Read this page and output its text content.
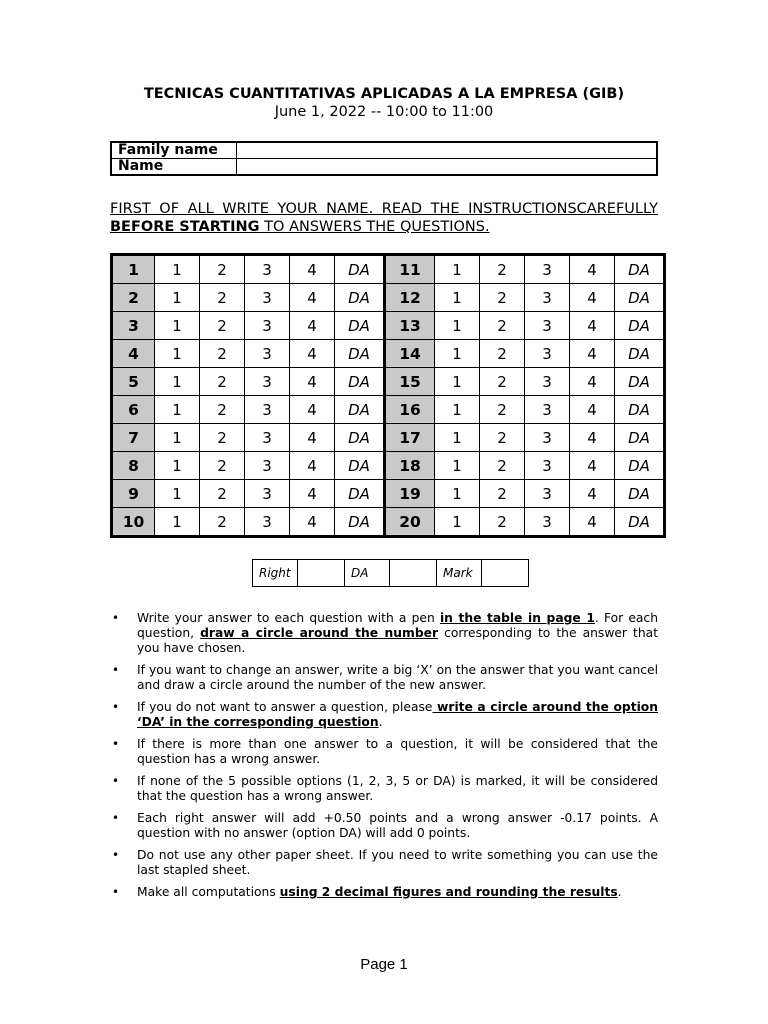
TECNICAS CUANTITATIVAS APLICADAS A LA EMPRESA (GIB)
June 1, 2022 -- 10:00 to 11:00
Family name	
Name	
FIRST OF ALL WRITE YOUR NAME. READ THE INSTRUCTIONSCAREFULLY BEFORE STARTING TO ANSWERS THE QUESTIONS.
1	1	2	3	4	DA	11	1	2	3	4	DA
2	1	2	3	4	DA	12	1	2	3	4	DA
3	1	2	3	4	DA	13	1	2	3	4	DA
4	1	2	3	4	DA	14	1	2	3	4	DA
5	1	2	3	4	DA	15	1	2	3	4	DA
6	1	2	3	4	DA	16	1	2	3	4	DA
7	1	2	3	4	DA	17	1	2	3	4	DA
8	1	2	3	4	DA	18	1	2	3	4	DA
9	1	2	3	4	DA	19	1	2	3	4	DA
10	1	2	3	4	DA	20	1	2	3	4	DA
Right		DA		Mark	
• Write your answer to each question with a pen in the table in page 1. For each question, draw a circle around the number corresponding to the answer that you have chosen.
• If you want to change an answer, write a big ‘X’ on the answer that you want cancel and draw a circle around the number of the new answer.
• If you do not want to answer a question, please write a circle around the option ‘DA’ in the corresponding question.
• If there is more than one answer to a question, it will be considered that the question has a wrong answer.
• If none of the 5 possible options (1, 2, 3, 5 or DA) is marked, it will be considered that the question has a wrong answer.
• Each right answer will add +0.50 points and a wrong answer -0.17 points. A question with no answer (option DA) will add 0 points.
• Do not use any other paper sheet. If you need to write something you can use the last stapled sheet.
• Make all computations using 2 decimal figures and rounding the results.
Page 1
